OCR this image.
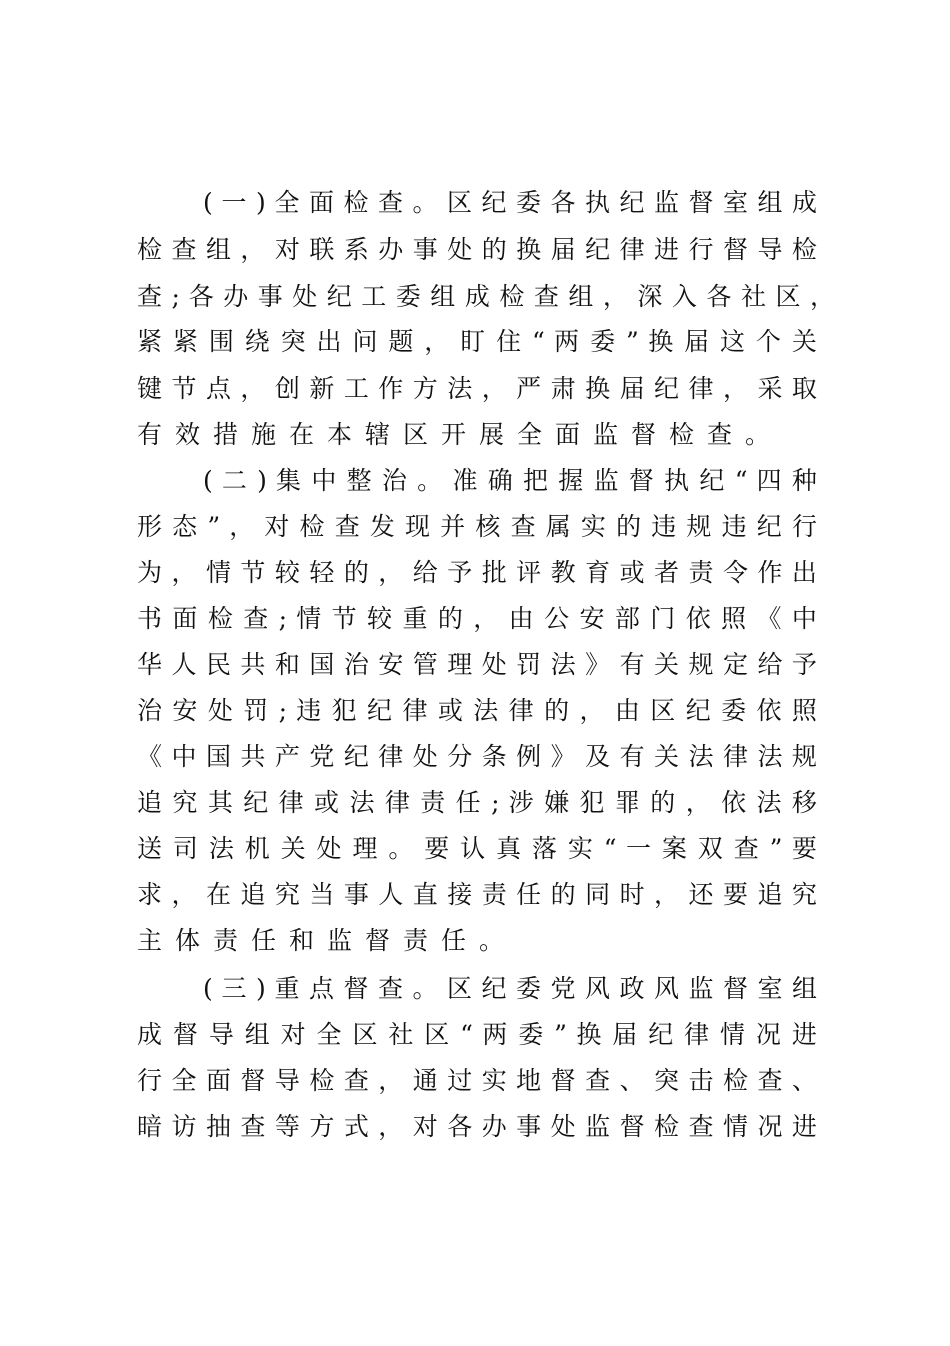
( 一 ) 全 面 检 查 。 区 纪 委 各 执 纪 监 督 室 组 成
检 查 组 ， 对 联 系 办 事 处 的 换 届 纪 律 进 行 督 导 检
查 ; 各 办 事 处 纪 工 委 组 成 检 查 组 ， 深 入 各 社 区 ，
紧 紧 围 绕 突 出 问 题 ， 盯 住 “ 两 委 ” 换 届 这 个 关
键 节 点 ， 创 新 工 作 方 法 ， 严 肃 换 届 纪 律 ， 采 取
有效措施在本辖区开展全面监督检查。
( 二 ) 集 中 整 治 。 准 确 把 握 监 督 执 纪 “ 四 种
形 态 ” ， 对 检 查 发 现 并 核 查 属 实 的 违 规 违 纪 行
为 ， 情 节 较 轻 的 ， 给 予 批 评 教 育 或 者 责 令 作 出
书 面 检 查 ; 情 节 较 重 的 ， 由 公 安 部 门 依 照 《 中
华 人 民 共 和 国 治 安 管 理 处 罚 法 》 有 关 规 定 给 予
治 安 处 罚 ; 违 犯 纪 律 或 法 律 的 ， 由 区 纪 委 依 照
《 中 国 共 产 党 纪 律 处 分 条 例 》 及 有 关 法 律 法 规
追 究 其 纪 律 或 法 律 责 任 ; 涉 嫌 犯 罪 的 ， 依 法 移
送 司 法 机 关 处 理 。 要 认 真 落 实 “ 一 案 双 查 ” 要
求 ， 在 追 究 当 事 人 直 接 责 任 的 同 时 ， 还 要 追 究
主体责任和监督责任。
( 三 ) 重 点 督 查 。 区 纪 委 党 风 政 风 监 督 室 组
成 督 导 组 对 全 区 社 区 “ 两 委 ” 换 届 纪 律 情 况 进
行 全 面 督 导 检 查 ， 通 过 实 地 督 查 、 突 击 检 查 、
暗 访 抽 查 等 方 式 ， 对 各 办 事 处 监 督 检 查 情 况 进
